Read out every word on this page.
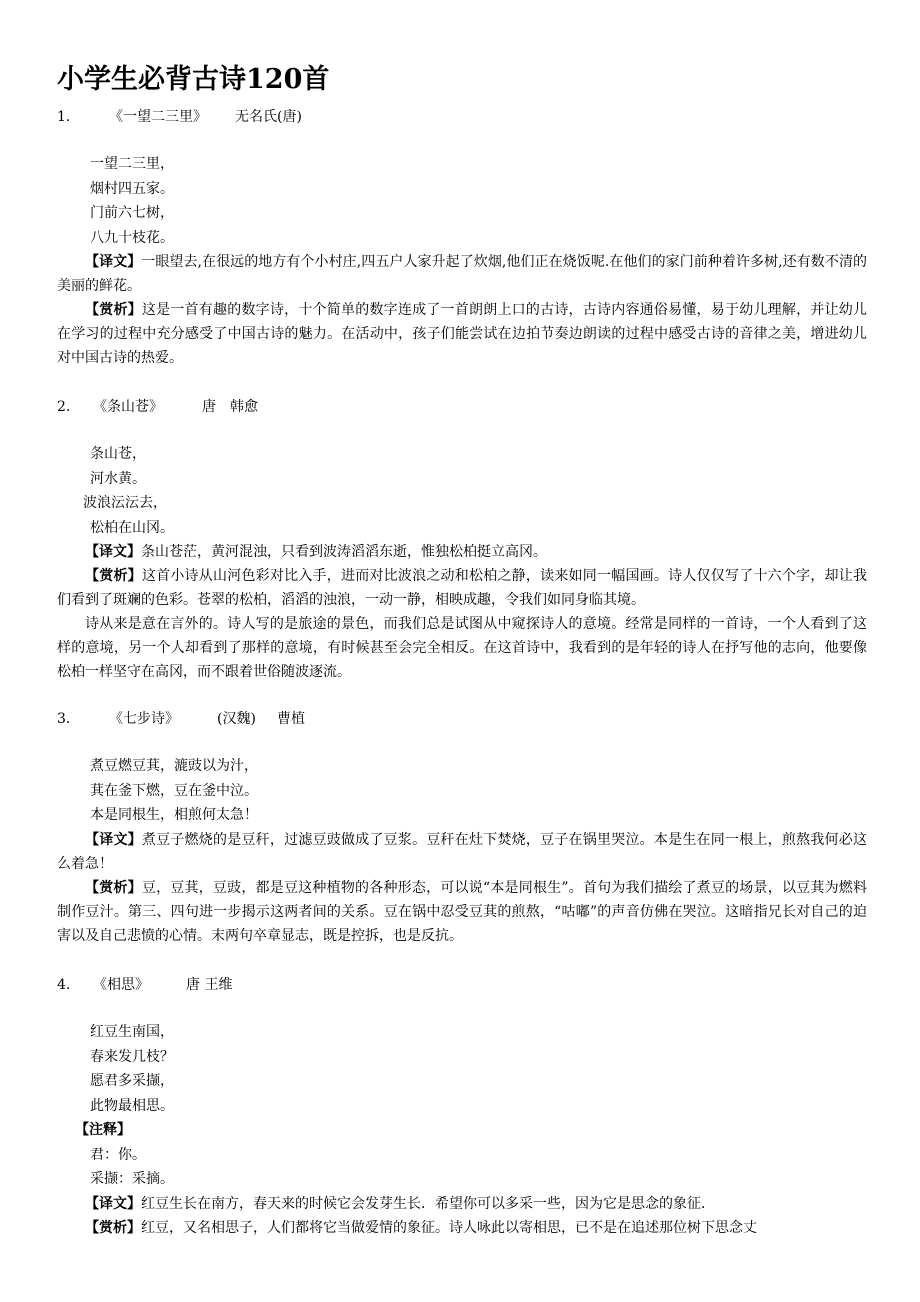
小学生必背古诗120首
1.	《一望二三里》 无名氏(唐)
一望二三里，
烟村四五家。
门前六七树，
八九十枝花。

【译文】一眼望去,在很远的地方有个小村庄,四五户人家升起了炊烟,他们正在烧饭呢.在他们的家门前种着许多树,还有数不清的美丽的鲜花。

【赏析】这是一首有趣的数字诗，十个简单的数字连成了一首朗朗上口的古诗，古诗内容通俗易懂，易于幼儿理解，并让幼儿在学习的过程中充分感受了中国古诗的魅力。在活动中，孩子们能尝试在边拍节奏边朗读的过程中感受古诗的音律之美，增进幼儿对中国古诗的热爱。

2. 《条山苍》	唐　韩愈
条山苍，
河水黄。
波浪沄沄去，
松柏在山冈。

【译文】条山苍茫，黄河混浊，只看到波涛滔滔东逝，惟独松柏挺立高冈。

【赏析】这首小诗从山河色彩对比入手，进而对比波浪之动和松柏之静，读来如同一幅国画。诗人仅仅写了十六个字，却让我们看到了斑斓的色彩。苍翠的松柏，滔滔的浊浪，一动一静，相映成趣，令我们如同身临其境。

诗从来是意在言外的。诗人写的是旅途的景色，而我们总是试图从中窥探诗人的意境。经常是同样的一首诗，一个人看到了这样的意境，另一个人却看到了那样的意境，有时候甚至会完全相反。在这首诗中，我看到的是年轻的诗人在抒写他的志向，他要像松柏一样坚守在高冈，而不跟着世俗随波逐流。

3.	《七步诗》	(汉魏) 曹植
煮豆燃豆萁，漉豉以为汁，
萁在釜下燃，豆在釜中泣。
本是同根生，相煎何太急！

【译文】煮豆子燃烧的是豆秆，过滤豆豉做成了豆浆。豆秆在灶下焚烧，豆子在锅里哭泣。本是生在同一根上，煎熬我何必这么着急！

【赏析】豆，豆萁，豆豉，都是豆这种植物的各种形态，可以说“本是同根生”。首句为我们描绘了煮豆的场景，以豆萁为燃料制作豆汁。第三、四句进一步揭示这两者间的关系。豆在锅中忍受豆萁的煎熬，“咕嘟”的声音仿佛在哭泣。这暗指兄长对自己的迫害以及自己悲愤的心情。末两句卒章显志，既是控拆，也是反抗。

4. 《相思》	唐 王维
红豆生南国，
春来发几枝？
愿君多采撷，
此物最相思。
【注释】
君：你。
采撷：采摘。

【译文】红豆生长在南方，春天来的时候它会发芽生长．希望你可以多采一些，因为它是思念的象征．

【赏析】红豆，又名相思子，人们都将它当做爱情的象征。诗人咏此以寄相思，已不是在追述那位树下思念丈
